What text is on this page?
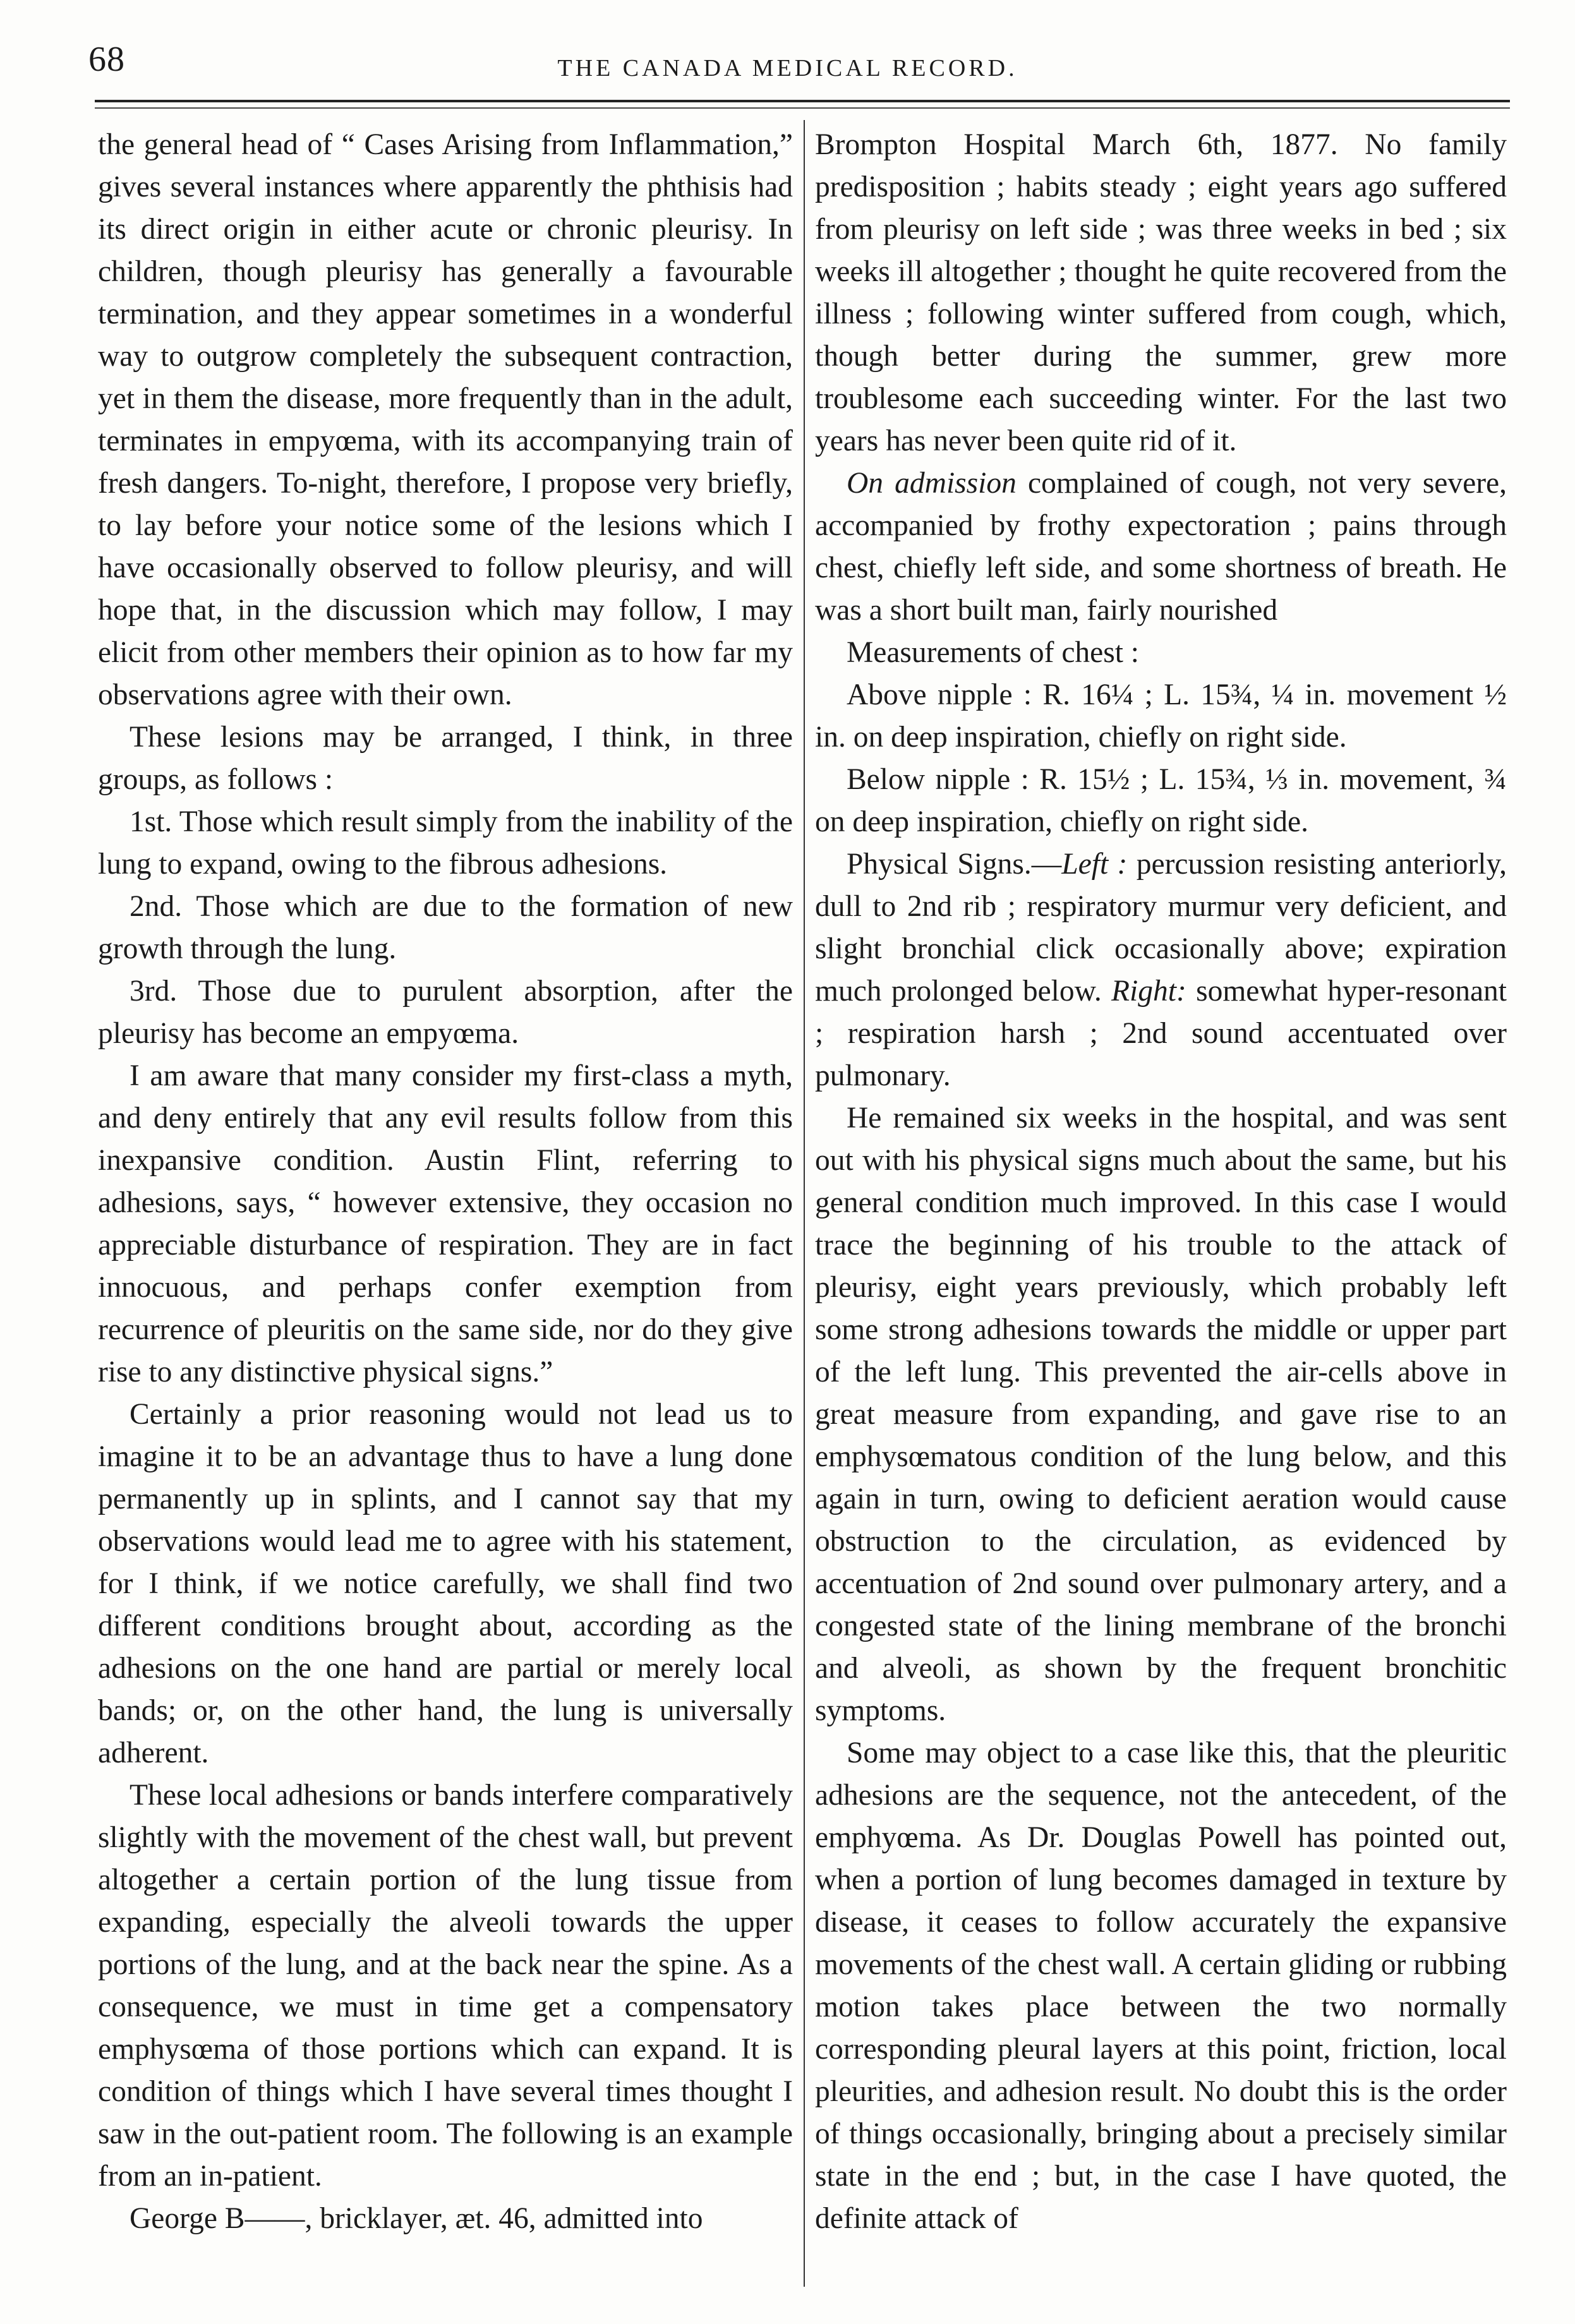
68	THE CANADA MEDICAL RECORD.

the general head of “ Cases Arising from Inflammation,” gives several instances where apparently the phthisis had its direct origin in either acute or chronic pleurisy. In children, though pleurisy has generally a favourable termination, and they appear sometimes in a wonderful way to outgrow completely the subsequent contraction, yet in them the disease, more frequently than in the adult, terminates in empyœma, with its accompanying train of fresh dangers. To-night, therefore, I propose very briefly, to lay before your notice some of the lesions which I have occasionally observed to follow pleurisy, and will hope that, in the discussion which may follow, I may elicit from other members their opinion as to how far my observations agree with their own.

These lesions may be arranged, I think, in three groups, as follows :

1st. Those which result simply from the inability of the lung to expand, owing to the fibrous adhesions.

2nd. Those which are due to the formation of new growth through the lung.

3rd. Those due to purulent absorption, after the pleurisy has become an empyœma.

I am aware that many consider my first-class a myth, and deny entirely that any evil results follow from this inexpansive condition. Austin Flint, referring to adhesions, says, “ however extensive, they occasion no appreciable disturbance of respiration. They are in fact innocuous, and perhaps confer exemption from recurrence of pleuritis on the same side, nor do they give rise to any distinctive physical signs.”

Certainly a prior reasoning would not lead us to imagine it to be an advantage thus to have a lung done permanently up in splints, and I cannot say that my observations would lead me to agree with his statement, for I think, if we notice carefully, we shall find two different conditions brought about, according as the adhesions on the one hand are partial or merely local bands; or, on the other hand, the lung is universally adherent.

These local adhesions or bands interfere comparatively slightly with the movement of the chest wall, but prevent altogether a certain portion of the lung tissue from expanding, especially the alveoli towards the upper portions of the lung, and at the back near the spine. As a consequence, we must in time get a compensatory emphysœma of those portions which can expand. It is condition of things which I have several times thought I saw in the out-patient room. The following is an example from an in-patient.

George B——, bricklayer, æt. 46, admitted into

Brompton Hospital March 6th, 1877. No family predisposition ; habits steady ; eight years ago suffered from pleurisy on left side ; was three weeks in bed ; six weeks ill altogether ; thought he quite recovered from the illness ; following winter suffered from cough, which, though better during the summer, grew more troublesome each succeeding winter. For the last two years has never been quite rid of it.

On admission complained of cough, not very severe, accompanied by frothy expectoration ; pains through chest, chiefly left side, and some shortness of breath. He was a short built man, fairly nourished

Measurements of chest :

Above nipple : R. 16¼ ; L. 15¾, ¼ in. movement ½ in. on deep inspiration, chiefly on right side.

Below nipple : R. 15½ ; L. 15¾, ⅓ in. movement, ¾ on deep inspiration, chiefly on right side.

Physical Signs.—Left : percussion resisting anteriorly, dull to 2nd rib ; respiratory murmur very deficient, and slight bronchial click occasionally above; expiration much prolonged below. Right: somewhat hyper-resonant ; respiration harsh ; 2nd sound accentuated over pulmonary.

He remained six weeks in the hospital, and was sent out with his physical signs much about the same, but his general condition much improved. In this case I would trace the beginning of his trouble to the attack of pleurisy, eight years previously, which probably left some strong adhesions towards the middle or upper part of the left lung. This prevented the air-cells above in great measure from expanding, and gave rise to an emphysœmatous condition of the lung below, and this again in turn, owing to deficient aeration would cause obstruction to the circulation, as evidenced by accentuation of 2nd sound over pulmonary artery, and a congested state of the lining membrane of the bronchi and alveoli, as shown by the frequent bronchitic symptoms.

Some may object to a case like this, that the pleuritic adhesions are the sequence, not the antecedent, of the emphyœma. As Dr. Douglas Powell has pointed out, when a portion of lung becomes damaged in texture by disease, it ceases to follow accurately the expansive movements of the chest wall. A certain gliding or rubbing motion takes place between the two normally corresponding pleural layers at this point, friction, local pleurities, and adhesion result. No doubt this is the order of things occasionally, bringing about a precisely similar state in the end ; but, in the case I have quoted, the definite attack of
